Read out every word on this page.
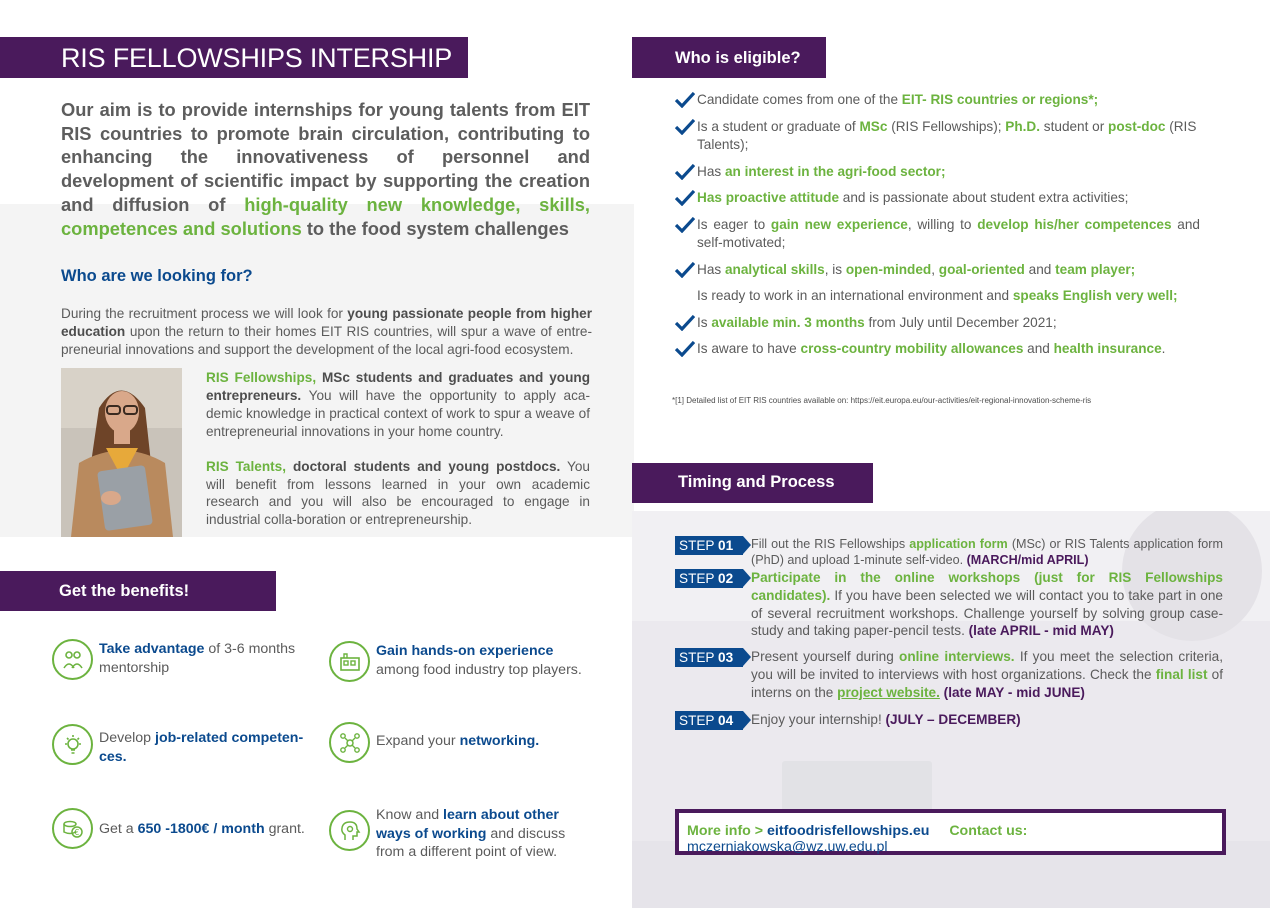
RIS FELLOWSHIPS INTERSHIP
Our aim is to provide internships for young talents from EIT RIS countries to promote brain circulation, contributing to enhancing the innovativeness of personnel and development of scientific impact by supporting the creation and diffusion of high-quality new knowledge, skills, competences and solutions to the food system challenges
Who are we looking for?
During the recruitment process we will look for young passionate people from higher education upon the return to their homes EIT RIS countries, will spur a wave of entre-preneurial innovations and support the development of the local agri-food ecosystem.
RIS Fellowships, MSc students and graduates and young entrepreneurs. You will have the opportunity to apply aca-demic knowledge in practical context of work to spur a weave of entrepreneurial innovations in your home country.
RIS Talents, doctoral students and young postdocs. You will benefit from lessons learned in your own academic research and you will also be encouraged to engage in industrial colla-boration or entrepreneurship.
Get the benefits!
Take advantage of 3-6 months mentorship
Gain hands-on experience
among food industry top players.
Develop job-related competen-ces.
Expand your networking.
€ Get a 650 -1800€ / month grant.
Know and learn about other ways of working and discuss from a different point of view.
Who is eligible?
Candidate comes from one of the EIT- RIS countries or regions*;
Is a student or graduate of MSc (RIS Fellowships); Ph.D. student or post-doc (RIS Talents);
Has an interest in the agri-food sector;
Has proactive attitude and is passionate about student extra activities;
Is eager to gain new experience, willing to develop his/her competences and self-motivated;
Has analytical skills, is open-minded, goal-oriented and team player;
Is ready to work in an international environment and speaks English very well;
Is available min. 3 months from July until December 2021;
Is aware to have cross-country mobility allowances and health insurance.
*[1] Detailed list of EIT RIS countries available on: https://eit.europa.eu/our-activities/eit-regional-innovation-scheme-ris
Timing and Process
STEP 01	Fill out the RIS Fellowships application form (MSc) or RIS Talents application form (PhD) and upload 1-minute self-video. (MARCH/mid APRIL)
STEP 02	Participate in the online workshops (just for RIS Fellowships candidates). If you have been selected we will contact you to take part in one of several recruitment workshops. Challenge yourself by solving group case-study and taking paper-pencil tests. (late APRIL - mid MAY)
STEP 03	Present yourself during online interviews. If you meet the selection criteria, you will be invited to interviews with host organizations. Check the final list of interns on the project website. (late MAY - mid JUNE)
STEP 04	Enjoy your internship! (JULY – DECEMBER)
More info > eitfoodrisfellowships.eu Contact us: mczerniakowska@wz.uw.edu.pl
